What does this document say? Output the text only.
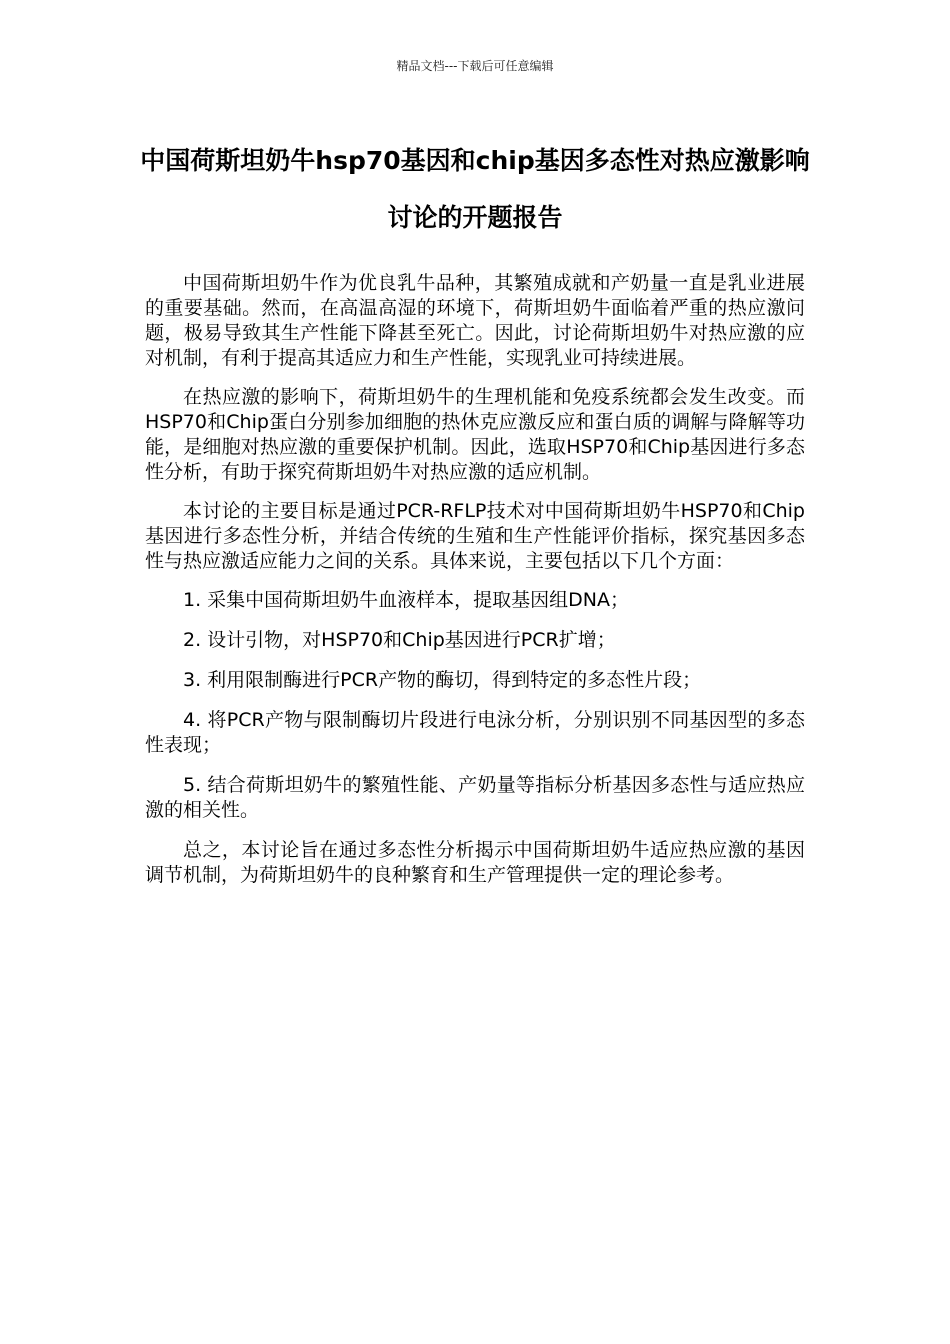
精品文档---下载后可任意编辑
中国荷斯坦奶牛hsp70基因和chip基因多态性对热应激影响讨论的开题报告

中国荷斯坦奶牛作为优良乳牛品种，其繁殖成就和产奶量一直是乳业进展的重要基础。然而，在高温高湿的环境下，荷斯坦奶牛面临着严重的热应激问题，极易导致其生产性能下降甚至死亡。因此，讨论荷斯坦奶牛对热应激的应对机制，有利于提高其适应力和生产性能，实现乳业可持续进展。

在热应激的影响下，荷斯坦奶牛的生理机能和免疫系统都会发生改变。而HSP70和Chip蛋白分别参加细胞的热休克应激反应和蛋白质的调解与降解等功能，是细胞对热应激的重要保护机制。因此，选取HSP70和Chip基因进行多态性分析，有助于探究荷斯坦奶牛对热应激的适应机制。

本讨论的主要目标是通过PCR-RFLP技术对中国荷斯坦奶牛HSP70和Chip基因进行多态性分析，并结合传统的生殖和生产性能评价指标，探究基因多态性与热应激适应能力之间的关系。具体来说，主要包括以下几个方面：

1. 采集中国荷斯坦奶牛血液样本，提取基因组DNA；

2. 设计引物，对HSP70和Chip基因进行PCR扩增；

3. 利用限制酶进行PCR产物的酶切，得到特定的多态性片段；

4. 将PCR产物与限制酶切片段进行电泳分析，分别识别不同基因型的多态性表现；

5. 结合荷斯坦奶牛的繁殖性能、产奶量等指标分析基因多态性与适应热应激的相关性。

总之，本讨论旨在通过多态性分析揭示中国荷斯坦奶牛适应热应激的基因调节机制，为荷斯坦奶牛的良种繁育和生产管理提供一定的理论参考。
